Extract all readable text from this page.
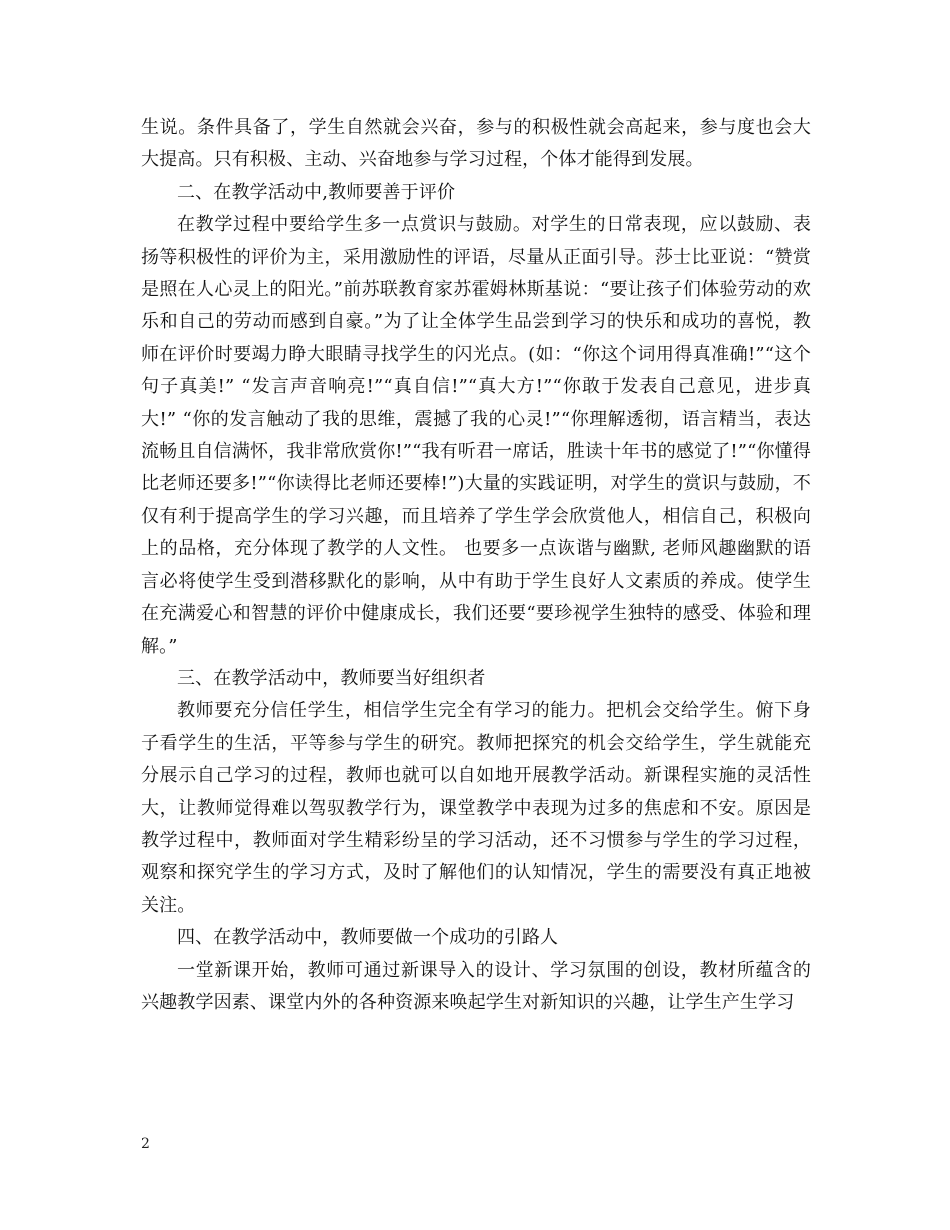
生说。条件具备了，学生自然就会兴奋，参与的积极性就会高起来，参与度也会大大提高。只有积极、主动、兴奋地参与学习过程，个体才能得到发展。

二、在教学活动中,教师要善于评价

在教学过程中要给学生多一点赏识与鼓励。对学生的日常表现，应以鼓励、表扬等积极性的评价为主，采用激励性的评语，尽量从正面引导。莎士比亚说：“赞赏是照在人心灵上的阳光。”前苏联教育家苏霍姆林斯基说：“要让孩子们体验劳动的欢乐和自己的劳动而感到自豪。”为了让全体学生品尝到学习的快乐和成功的喜悦，教师在评价时要竭力睁大眼睛寻找学生的闪光点。(如：“你这个词用得真准确!”“这个句子真美!” “发言声音响亮!”“真自信!”“真大方!”“你敢于发表自己意见，进步真大!” “你的发言触动了我的思维，震撼了我的心灵!”“你理解透彻，语言精当，表达流畅且自信满怀，我非常欣赏你!”“我有听君一席话，胜读十年书的感觉了!”“你懂得比老师还要多!”“你读得比老师还要棒!”)大量的实践证明，对学生的赏识与鼓励，不仅有利于提高学生的学习兴趣，而且培养了学生学会欣赏他人，相信自己，积极向上的品格，充分体现了教学的人文性。 也要多一点诙谐与幽默, 老师风趣幽默的语言必将使学生受到潜移默化的影响，从中有助于学生良好人文素质的养成。使学生在充满爱心和智慧的评价中健康成长，我们还要“要珍视学生独特的感受、体验和理解。”

三、在教学活动中，教师要当好组织者

教师要充分信任学生，相信学生完全有学习的能力。把机会交给学生。俯下身子看学生的生活，平等参与学生的研究。教师把探究的机会交给学生，学生就能充分展示自己学习的过程，教师也就可以自如地开展教学活动。新课程实施的灵活性大，让教师觉得难以驾驭教学行为，课堂教学中表现为过多的焦虑和不安。原因是教学过程中，教师面对学生精彩纷呈的学习活动，还不习惯参与学生的学习过程，观察和探究学生的学习方式，及时了解他们的认知情况，学生的需要没有真正地被关注。

四、在教学活动中，教师要做一个成功的引路人

一堂新课开始，教师可通过新课导入的设计、学习氛围的创设，教材所蕴含的兴趣教学因素、课堂内外的各种资源来唤起学生对新知识的兴趣，让学生产生学习

2
